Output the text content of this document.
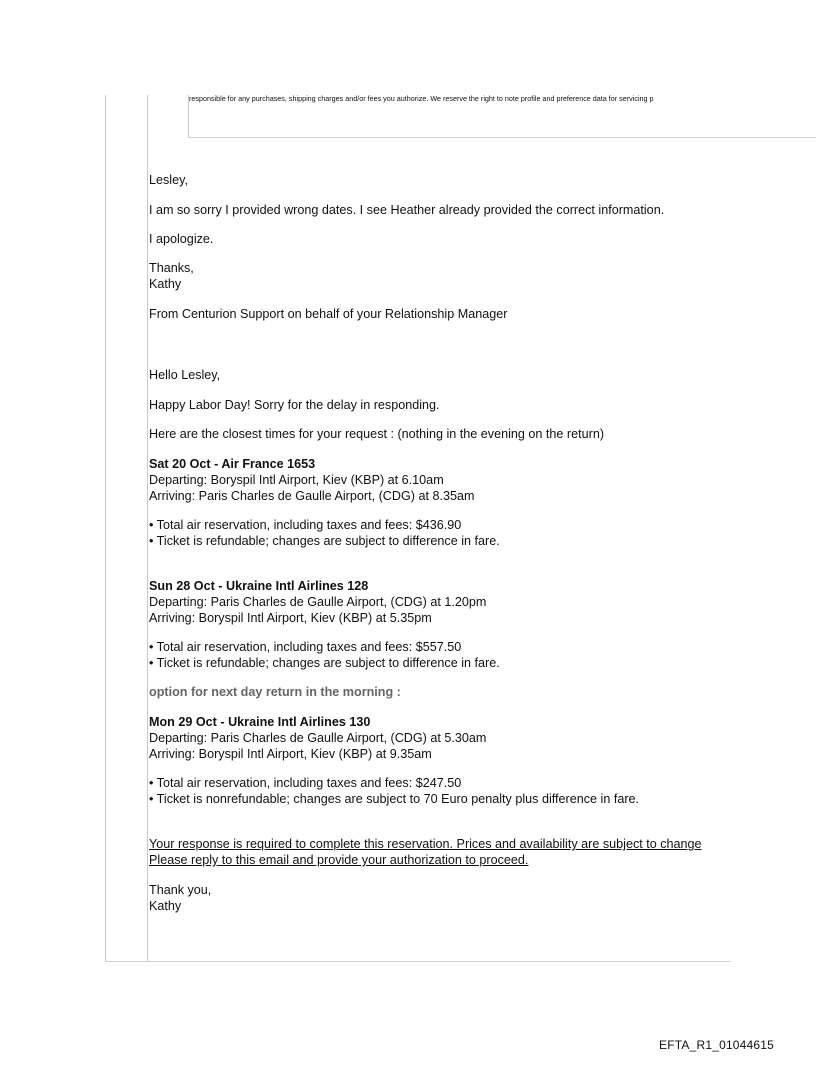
responsible for any purchases, shipping charges and/or fees you authorize. We reserve the right to note profile and preference data for servicing p

Lesley,

I am so sorry I provided wrong dates. I see Heather already provided the correct information.

I apologize.

Thanks,

Kathy

From Centurion Support on behalf of your Relationship Manager

Hello Lesley,

Happy Labor Day! Sorry for the delay in responding.

Here are the closest times for your request : (nothing in the evening on the return)

Sat 20 Oct - Air France 1653

Departing: Boryspil Intl Airport, Kiev (KBP) at 6.10am

Arriving: Paris Charles de Gaulle Airport, (CDG) at 8.35am

• Total air reservation, including taxes and fees: $436.90

• Ticket is refundable; changes are subject to difference in fare.

Sun 28 Oct - Ukraine Intl Airlines 128

Departing: Paris Charles de Gaulle Airport, (CDG) at 1.20pm

Arriving: Boryspil Intl Airport, Kiev (KBP) at 5.35pm

• Total air reservation, including taxes and fees: $557.50

• Ticket is refundable; changes are subject to difference in fare.

option for next day return in the morning :

Mon 29 Oct - Ukraine Intl Airlines 130

Departing: Paris Charles de Gaulle Airport, (CDG) at 5.30am

Arriving: Boryspil Intl Airport, Kiev (KBP) at 9.35am

• Total air reservation, including taxes and fees: $247.50

• Ticket is nonrefundable; changes are subject to 70 Euro penalty plus difference in fare.

Your response is required to complete this reservation. Prices and availability are subject to change

Please reply to this email and provide your authorization to proceed.

Thank you,

Kathy

EFTA_R1_01044615
